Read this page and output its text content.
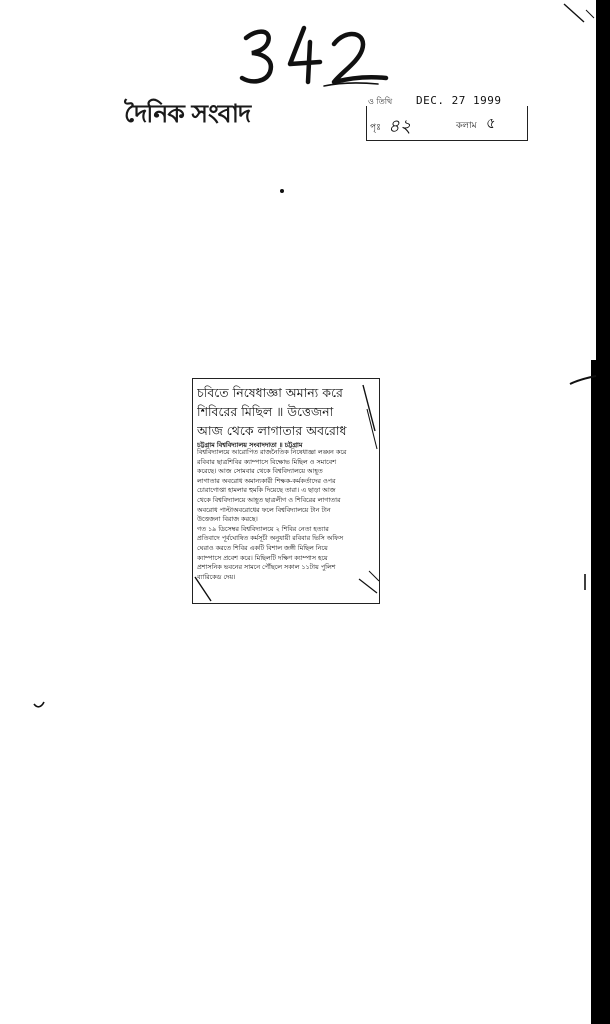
দৈনিক সংবাদ	ও তিথি DEC. 27 1999
পৃঃ ৪২	কলাম ৫
চবিতে নিষেধাজ্ঞা অমান্য করে
শিবিরের মিছিল ॥ উত্তেজনা
আজ থেকে লাগাতার অবরোধ
চট্টগ্রাম বিশ্ববিদ্যালয় সংবাদদাতা ॥ চট্টগ্রাম
বিশ্ববিদ্যালয়ে আরোপিত রাজনৈতিক নিষেধাজ্ঞা লঙ্ঘন করে
রবিবার ছাত্রশিবির ক্যাম্পাসে বিক্ষোভ মিছিল ও সমাবেশ
করেছে। আজ সোমবার থেকে বিশ্ববিদ্যালয়ে আহূত
লাগাতার অবরোধ অমান্যকারী শিক্ষক-কর্মকর্তাদের ওপর
চোরাগোপ্তা হামলার হুমকি দিয়েছে তারা। এ ছাড়া আজ
থেকে বিশ্ববিদ্যালয়ে আহূত ছাত্রলীগ ও শিবিরের লাগাতার
অবরোধ পাল্টাঅবরোধের ফলে বিশ্ববিদ্যালয়ে টান টান
উত্তেজনা বিরাজ করছে।
গত ১৯ ডিসেম্বর বিশ্ববিদ্যালয়ে ২ শিবির নেতা হত্যার
প্রতিবাদে পূর্বঘোষিত কর্মসূচী অনুযায়ী রবিবার ভিসি অফিস
ঘেরাও করতে শিবির একটি বিশাল জঙ্গী মিছিল নিয়ে
ক্যাম্পাসে প্রবেশ করে। মিছিলটি দক্ষিণ ক্যাম্পাস হয়ে
প্রশাসনিক ভবনের সামনে পৌঁছলে সকাল ১১টায় পুলিশ
ব্যারিকেড দেয়।
